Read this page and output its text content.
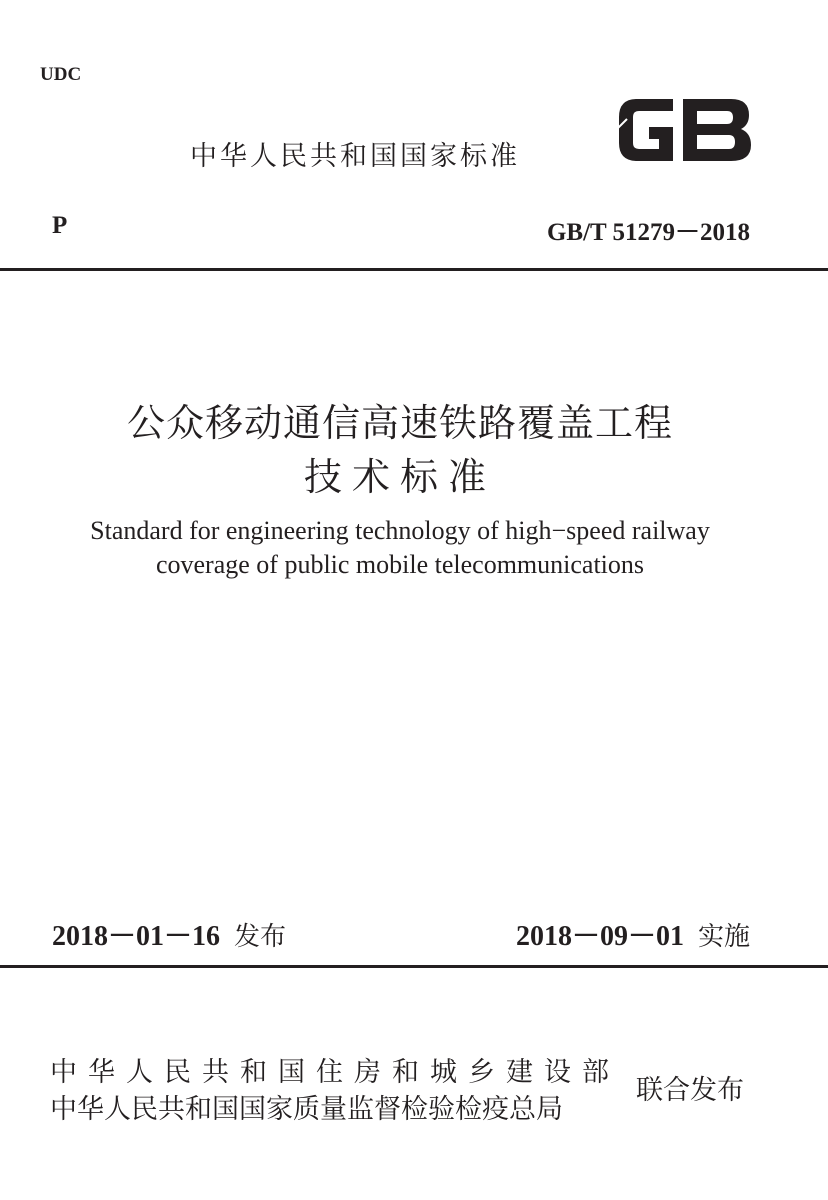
UDC
中华人民共和国国家标准
P	GB/T 51279－2018
公众移动通信高速铁路覆盖工程
技术标准
Standard for engineering technology of high−speed railway
coverage of public mobile telecommunications
2018－01－16 发布	2018－09－01 实施
中华人民共和国住房和城乡建设部
中华人民共和国国家质量监督检验检疫总局
联合发布
